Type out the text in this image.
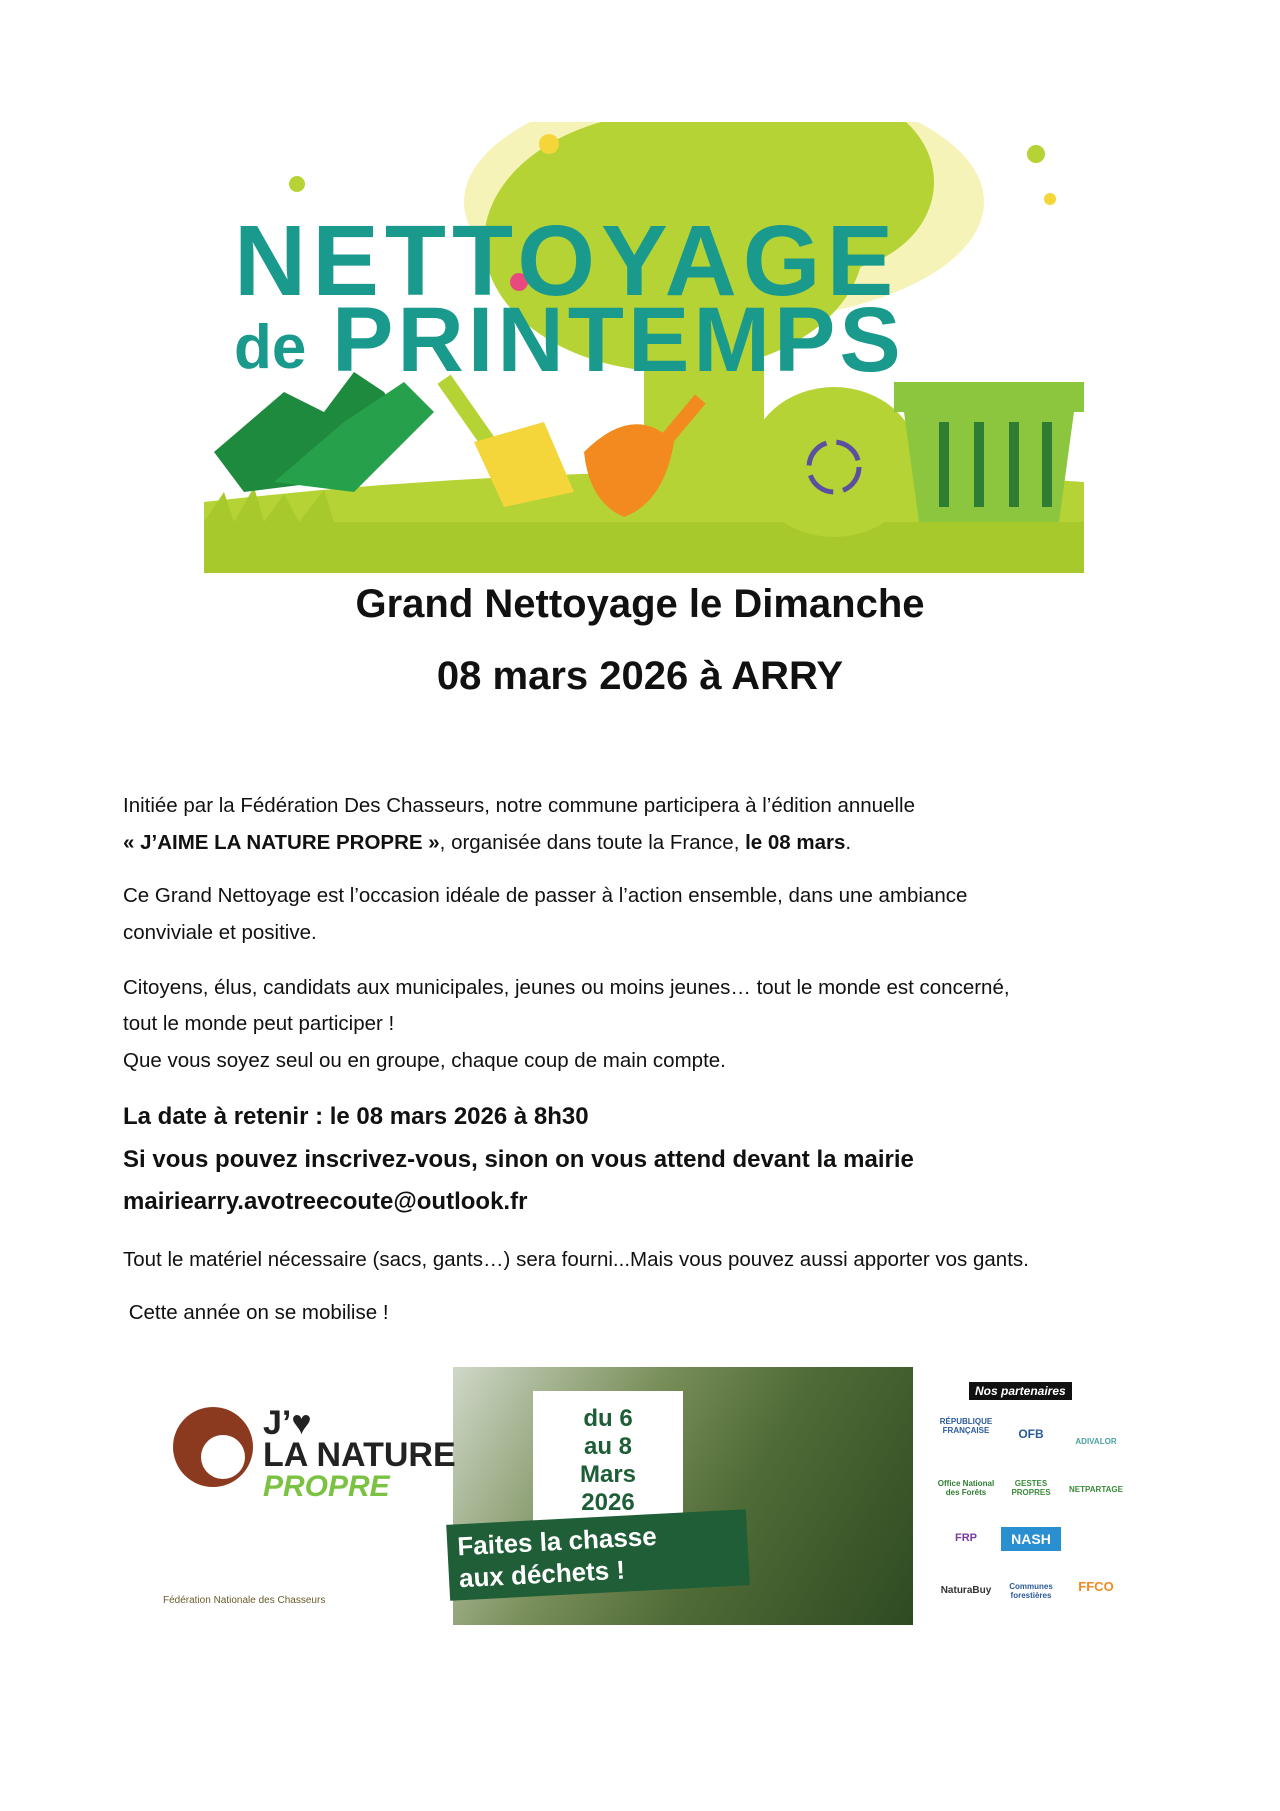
NETTOYAGE
de PRINTEMPS
Grand Nettoyage le Dimanche
08 mars 2026 à ARRY
Initiée par la Fédération Des Chasseurs, notre commune participera à l’édition annuelle
« J’AIME LA NATURE PROPRE », organisée dans toute la France, le 08 mars.
Ce Grand Nettoyage est l’occasion idéale de passer à l’action ensemble, dans une ambiance
conviviale et positive.
Citoyens, élus, candidats aux municipales, jeunes ou moins jeunes… tout le monde est concerné,
tout le monde peut participer !
Que vous soyez seul ou en groupe, chaque coup de main compte.
La date à retenir : le 08 mars 2026 à 8h30
Si vous pouvez inscrivez-vous, sinon on vous attend devant la mairie
mairiearry.avotreecoute@outlook.fr
Tout le matériel nécessaire (sacs, gants…) sera fourni...Mais vous pouvez aussi apporter vos gants.
Cette année on se mobilise !
J’♥
LA NATURE
PROPRE
Fédération Nationale des Chasseurs
du 6
au 8
Mars
2026
Faites la chasse
aux déchets !
Nos partenaires
RÉPUBLIQUE FRANÇAISE	OFB
ADIVALOR
Office National des Forêts
GESTES PROPRES	NETPARTAGE
FRP	NASH
NaturaBuy	Communes forestières
FFCO
